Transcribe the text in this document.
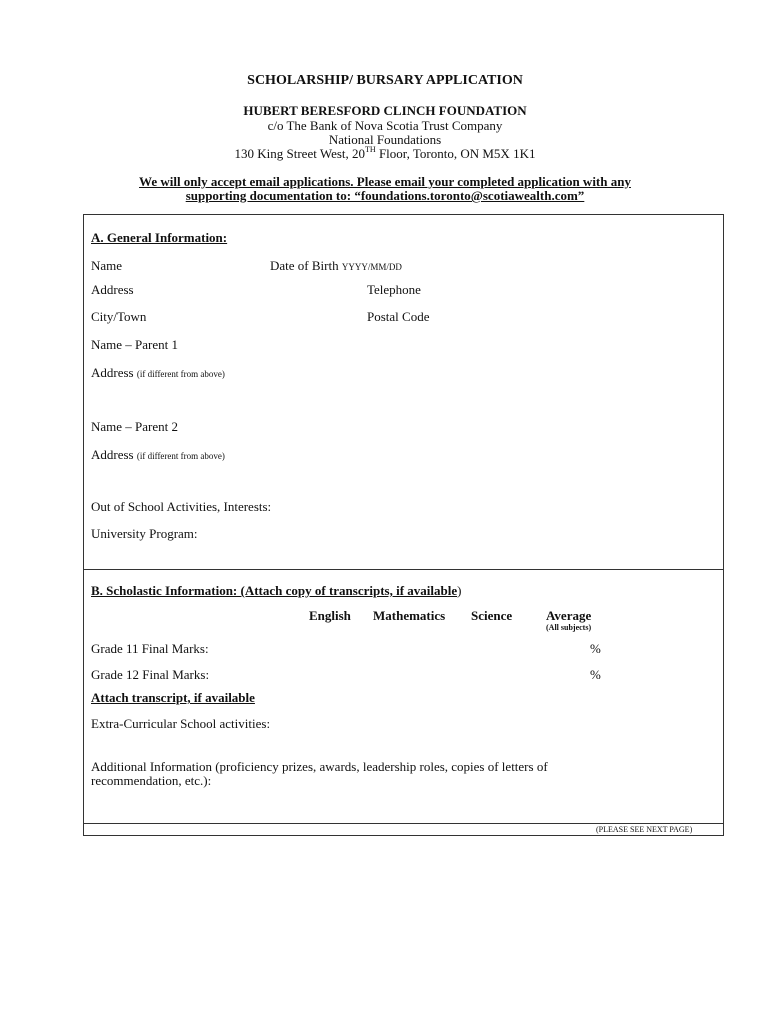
SCHOLARSHIP/ BURSARY APPLICATION
HUBERT BERESFORD CLINCH FOUNDATION
c/o The Bank of Nova Scotia Trust Company
National Foundations
130 King Street West, 20TH Floor, Toronto, ON M5X 1K1
We will only accept email applications. Please email your completed application with any
supporting documentation to: “foundations.toronto@scotiawealth.com”
A. General Information:
Name	Date of Birth YYYY/MM/DD
Address	Telephone
City/Town	Postal Code
Name – Parent 1
Address (if different from above)
Name – Parent 2
Address (if different from above)
Out of School Activities, Interests:
University Program:
B. Scholastic Information: (Attach copy of transcripts, if available)
English Mathematics Science	Average
(All subjects)
Grade 11 Final Marks:	%
Grade 12 Final Marks:	%
Attach transcript, if available
Extra-Curricular School activities:
Additional Information (proficiency prizes, awards, leadership roles, copies of letters of
recommendation, etc.):
(PLEASE SEE NEXT PAGE)
